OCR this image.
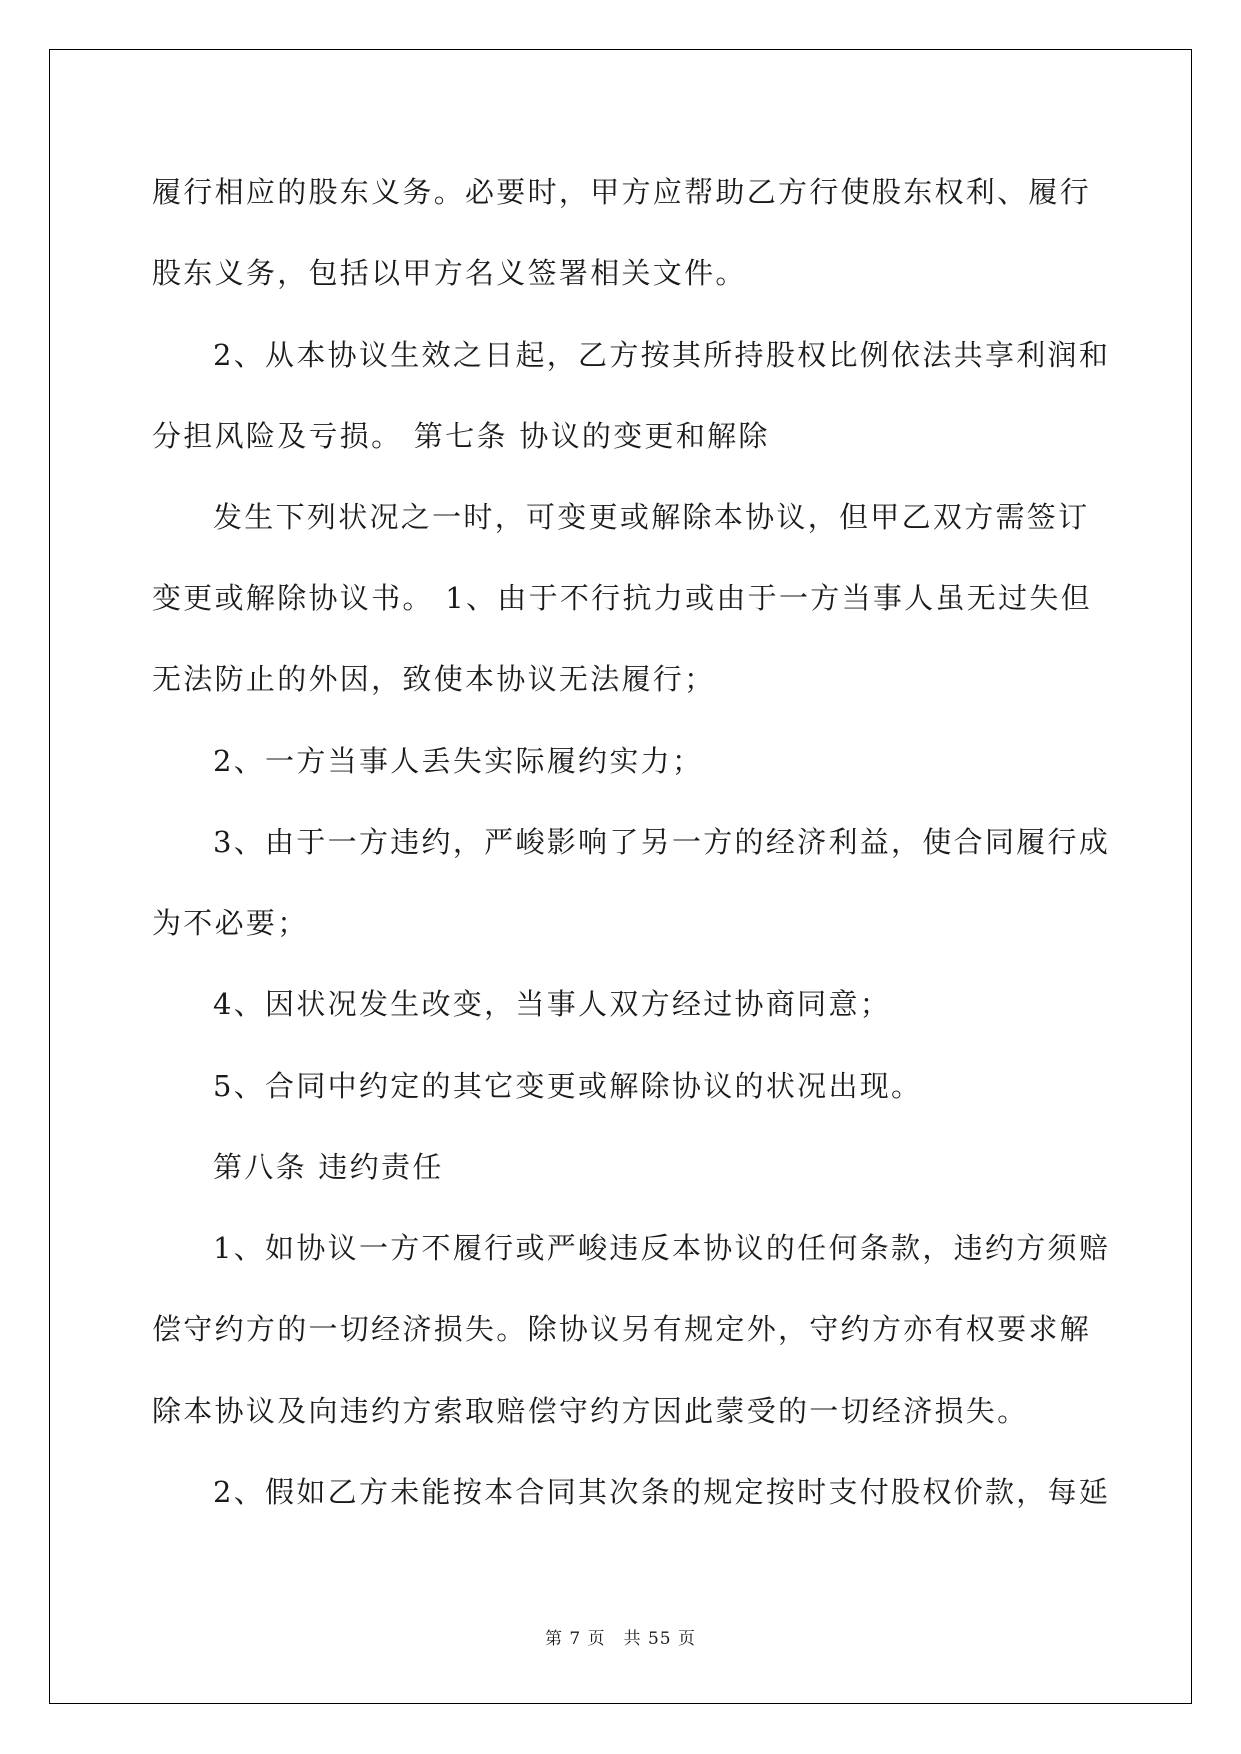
履行相应的股东义务。必要时，甲方应帮助乙方行使股东权利、履行
股东义务，包括以甲方名义签署相关文件。
2、从本协议生效之日起，乙方按其所持股权比例依法共享利润和
分担风险及亏损。 第七条 协议的变更和解除
发生下列状况之一时，可变更或解除本协议，但甲乙双方需签订
变更或解除协议书。 1、由于不行抗力或由于一方当事人虽无过失但
无法防止的外因，致使本协议无法履行；
2、一方当事人丢失实际履约实力；
3、由于一方违约，严峻影响了另一方的经济利益，使合同履行成
为不必要；
4、因状况发生改变，当事人双方经过协商同意；
5、合同中约定的其它变更或解除协议的状况出现。
第八条 违约责任
1、如协议一方不履行或严峻违反本协议的任何条款，违约方须赔
偿守约方的一切经济损失。除协议另有规定外，守约方亦有权要求解
除本协议及向违约方索取赔偿守约方因此蒙受的一切经济损失。
2、假如乙方未能按本合同其次条的规定按时支付股权价款，每延
第 7 页　共 55 页
